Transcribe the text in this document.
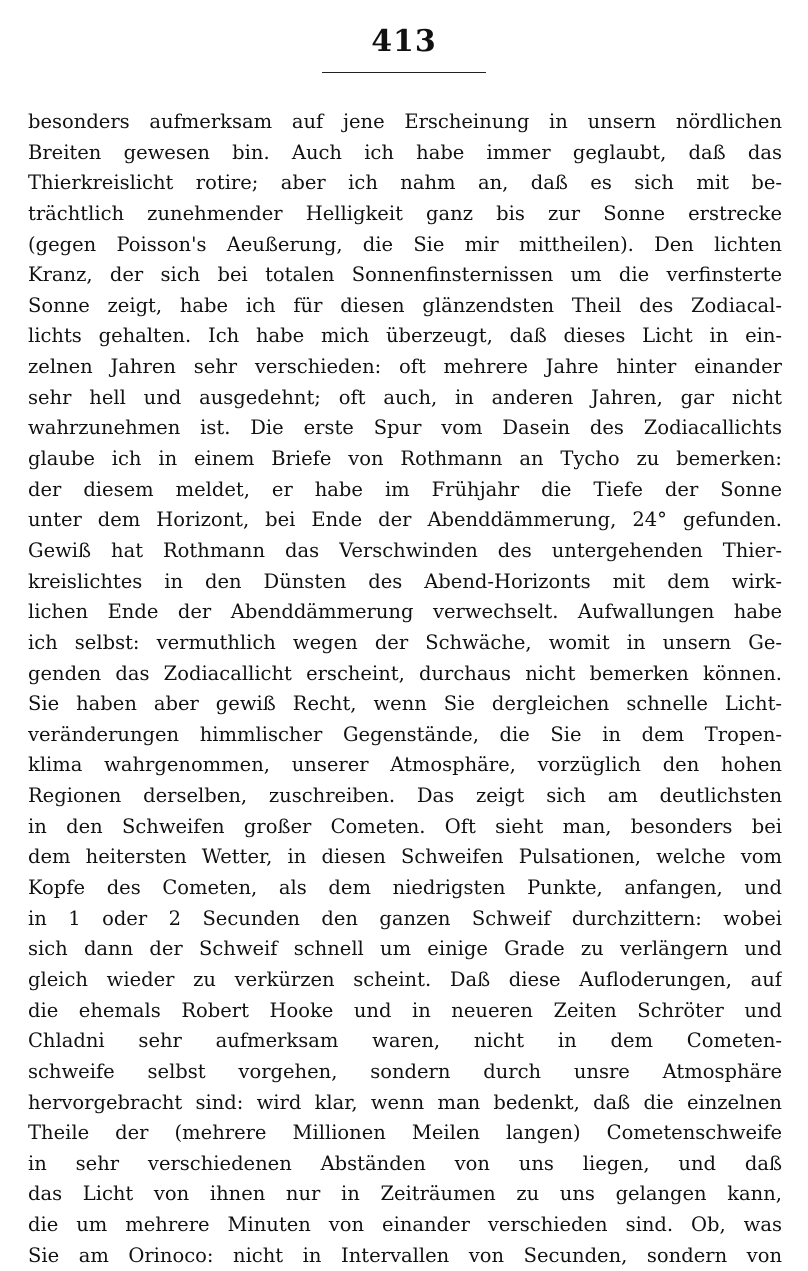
413
besonders aufmerksam auf jene Erscheinung in unsern nördlichen
Breiten gewesen bin. Auch ich habe immer geglaubt, daß das
Thierkreislicht rotire; aber ich nahm an, daß es sich mit be-
trächtlich zunehmender Helligkeit ganz bis zur Sonne erstrecke
(gegen Poisson's Aeußerung, die Sie mir mittheilen). Den lichten
Kranz, der sich bei totalen Sonnenfinsternissen um die verfinsterte
Sonne zeigt, habe ich für diesen glänzendsten Theil des Zodiacal-
lichts gehalten. Ich habe mich überzeugt, daß dieses Licht in ein-
zelnen Jahren sehr verschieden: oft mehrere Jahre hinter einander
sehr hell und ausgedehnt; oft auch, in anderen Jahren, gar nicht
wahrzunehmen ist. Die erste Spur vom Dasein des Zodiacallichts
glaube ich in einem Briefe von Rothmann an Tycho zu bemerken:
der diesem meldet, er habe im Frühjahr die Tiefe der Sonne
unter dem Horizont, bei Ende der Abenddämmerung, 24° gefunden.
Gewiß hat Rothmann das Verschwinden des untergehenden Thier-
kreislichtes in den Dünsten des Abend-Horizonts mit dem wirk-
lichen Ende der Abenddämmerung verwechselt. Aufwallungen habe
ich selbst: vermuthlich wegen der Schwäche, womit in unsern Ge-
genden das Zodiacallicht erscheint, durchaus nicht bemerken können.
Sie haben aber gewiß Recht, wenn Sie dergleichen schnelle Licht-
veränderungen himmlischer Gegenstände, die Sie in dem Tropen-
klima wahrgenommen, unserer Atmosphäre, vorzüglich den hohen
Regionen derselben, zuschreiben. Das zeigt sich am deutlichsten
in den Schweifen großer Cometen. Oft sieht man, besonders bei
dem heitersten Wetter, in diesen Schweifen Pulsationen, welche vom
Kopfe des Cometen, als dem niedrigsten Punkte, anfangen, und
in 1 oder 2 Secunden den ganzen Schweif durchzittern: wobei
sich dann der Schweif schnell um einige Grade zu verlängern und
gleich wieder zu verkürzen scheint. Daß diese Aufloderungen, auf
die ehemals Robert Hooke und in neueren Zeiten Schröter und
Chladni sehr aufmerksam waren, nicht in dem Cometen-
schweife selbst vorgehen, sondern durch unsre Atmosphäre
hervorgebracht sind: wird klar, wenn man bedenkt, daß die einzelnen
Theile der (mehrere Millionen Meilen langen) Cometenschweife
in sehr verschiedenen Abständen von uns liegen, und daß
das Licht von ihnen nur in Zeiträumen zu uns gelangen kann,
die um mehrere Minuten von einander verschieden sind. Ob, was
Sie am Orinoco: nicht in Intervallen von Secunden, sondern von
